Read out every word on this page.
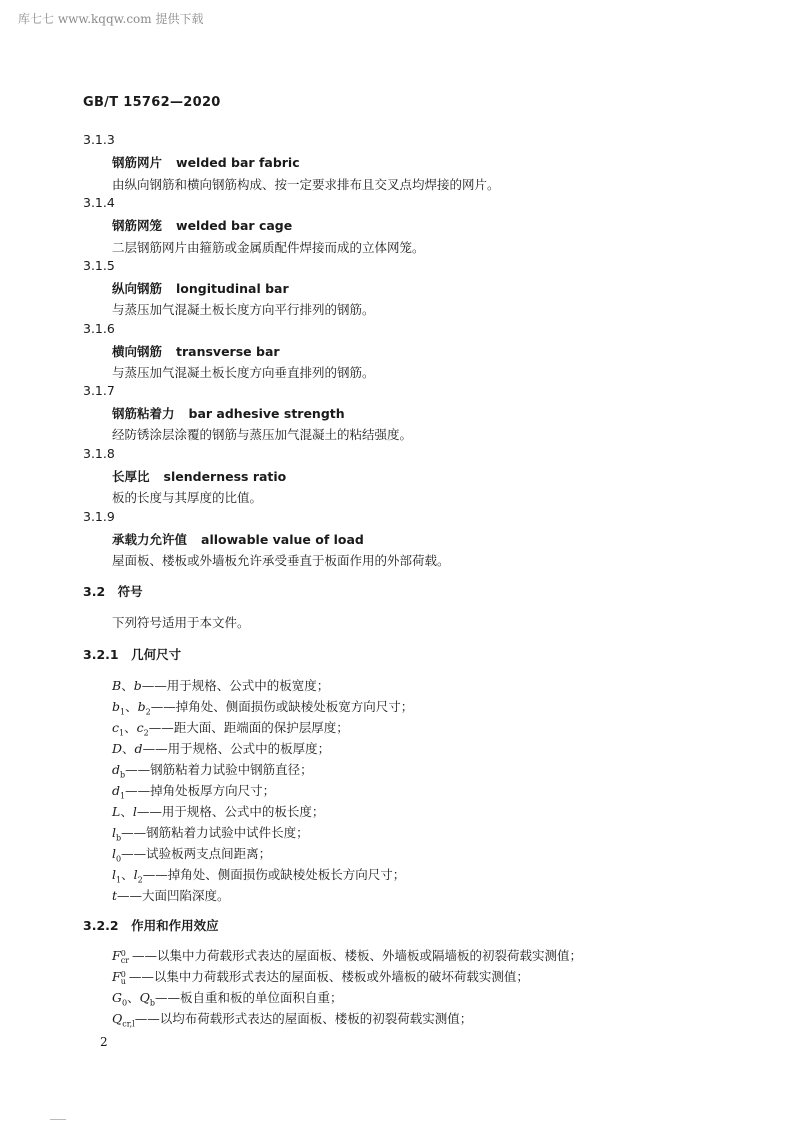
库七七 www.kqqw.com 提供下载
GB/T 15762—2020
3.1.3
钢筋网片 welded bar fabric
由纵向钢筋和横向钢筋构成、按一定要求排布且交叉点均焊接的网片。
3.1.4
钢筋网笼 welded bar cage
二层钢筋网片由箍筋或金属质配件焊接而成的立体网笼。
3.1.5
纵向钢筋 longitudinal bar
与蒸压加气混凝土板长度方向平行排列的钢筋。
3.1.6
横向钢筋 transverse bar
与蒸压加气混凝土板长度方向垂直排列的钢筋。
3.1.7
钢筋粘着力 bar adhesive strength
经防锈涂层涂覆的钢筋与蒸压加气混凝土的粘结强度。
3.1.8
长厚比 slenderness ratio
板的长度与其厚度的比值。
3.1.9
承载力允许值 allowable value of load
屋面板、楼板或外墙板允许承受垂直于板面作用的外部荷载。
3.2　符号
下列符号适用于本文件。
3.2.1　几何尺寸
B、b——用于规格、公式中的板宽度；
$b_1$、$b_2——$掉角处、侧面损伤或缺棱处板宽方向尺寸；
$c_1$、$c_2——$距大面、距端面的保护层厚度；
D、d——用于规格、公式中的板厚度；
$d_b——$钢筋粘着力试验中钢筋直径；
$d_1——$掉角处板厚方向尺寸；
L、l——用于规格、公式中的板长度；
$l_b——$钢筋粘着力试验中试件长度；
$l_0——$试验板两支点间距离；
$l_1$、$l_2——$掉角处、侧面损伤或缺棱处板长方向尺寸；
t——大面凹陷深度。
3.2.2　作用和作用效应
F 0
cr ——以集中力荷载形式表达的屋面板、楼板、外墙板或隔墙板的初裂荷载实测值；
F 0
u ——以集中力荷载形式表达的屋面板、楼板或外墙板的破坏荷载实测值；
$G_0$、$Q_b——$板自重和板的单位面积自重；
$Q_{cr,l}——$以均布荷载形式表达的屋面板、楼板的初裂荷载实测值；
2
